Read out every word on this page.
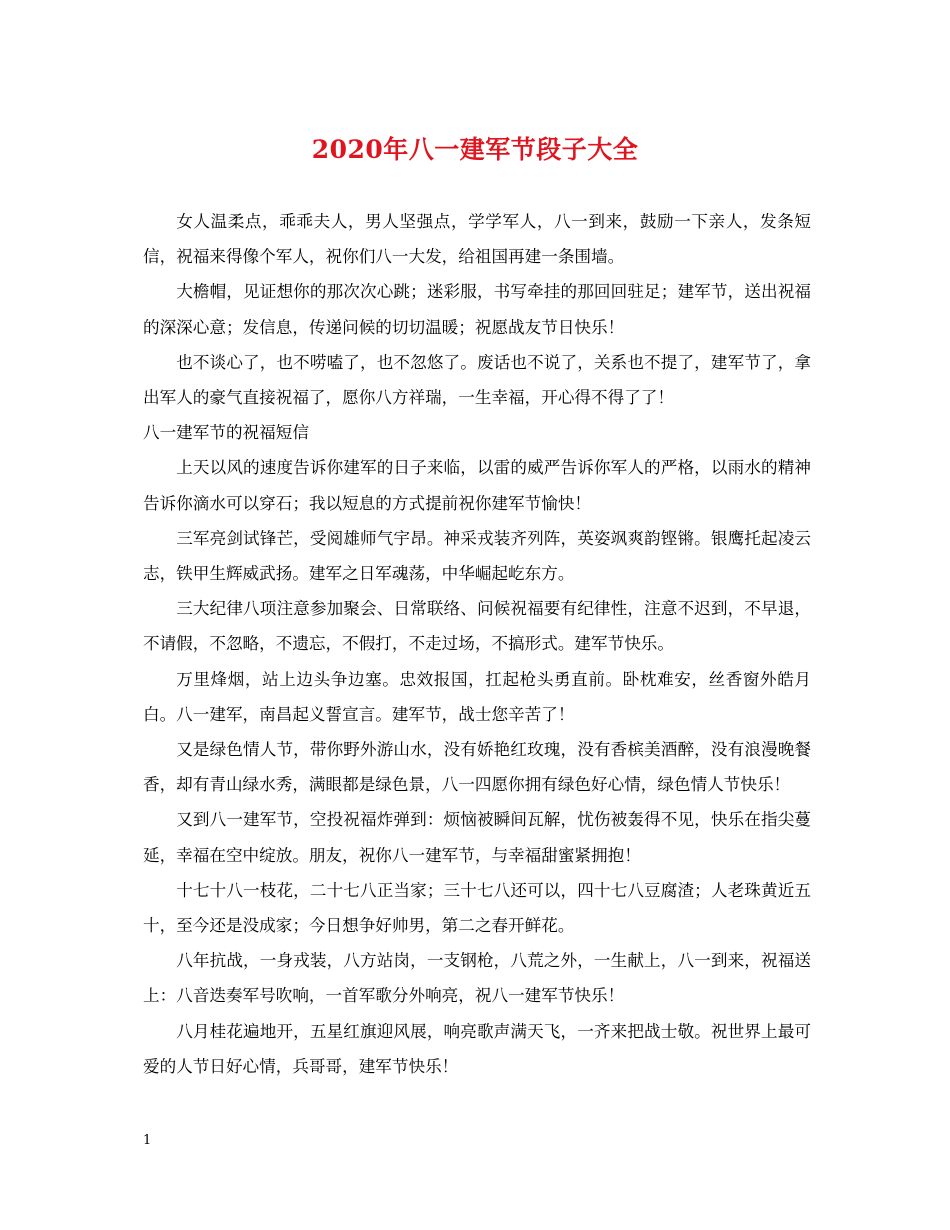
2020年八一建军节段子大全

女人温柔点，乖乖夫人，男人坚强点，学学军人，八一到来，鼓励一下亲人，发条短信，祝福来得像个军人，祝你们八一大发，给祖国再建一条围墙。

大檐帽，见证想你的那次次心跳；迷彩服，书写牵挂的那回回驻足；建军节，送出祝福的深深心意；发信息，传递问候的切切温暖；祝愿战友节日快乐！

也不谈心了，也不唠嗑了，也不忽悠了。废话也不说了，关系也不提了，建军节了，拿出军人的豪气直接祝福了，愿你八方祥瑞，一生幸福，开心得不得了了！

八一建军节的祝福短信

上天以风的速度告诉你建军的日子来临，以雷的威严告诉你军人的严格，以雨水的精神告诉你滴水可以穿石；我以短息的方式提前祝你建军节愉快！

三军亮剑试锋芒，受阅雄师气宇昂。神采戎装齐列阵，英姿飒爽韵铿锵。银鹰托起凌云志，铁甲生辉威武扬。建军之日军魂荡，中华崛起屹东方。

三大纪律八项注意参加聚会、日常联络、问候祝福要有纪律性，注意不迟到，不早退，不请假，不忽略，不遗忘，不假打，不走过场，不搞形式。建军节快乐。

万里烽烟，站上边头争边塞。忠效报国，扛起枪头勇直前。卧枕难安，丝香窗外皓月白。八一建军，南昌起义誓宣言。建军节，战士您辛苦了！

又是绿色情人节，带你野外游山水，没有娇艳红玫瑰，没有香槟美酒醉，没有浪漫晚餐香，却有青山绿水秀，满眼都是绿色景，八一四愿你拥有绿色好心情，绿色情人节快乐！

又到八一建军节，空投祝福炸弹到：烦恼被瞬间瓦解，忧伤被轰得不见，快乐在指尖蔓延，幸福在空中绽放。朋友，祝你八一建军节，与幸福甜蜜紧拥抱！

十七十八一枝花，二十七八正当家；三十七八还可以，四十七八豆腐渣；人老珠黄近五十，至今还是没成家；今日想争好帅男，第二之春开鲜花。

八年抗战，一身戎装，八方站岗，一支钢枪，八荒之外，一生献上，八一到来，祝福送上：八音迭奏军号吹响，一首军歌分外响亮，祝八一建军节快乐！

八月桂花遍地开，五星红旗迎风展，响亮歌声满天飞，一齐来把战士敬。祝世界上最可爱的人节日好心情，兵哥哥，建军节快乐！

1
